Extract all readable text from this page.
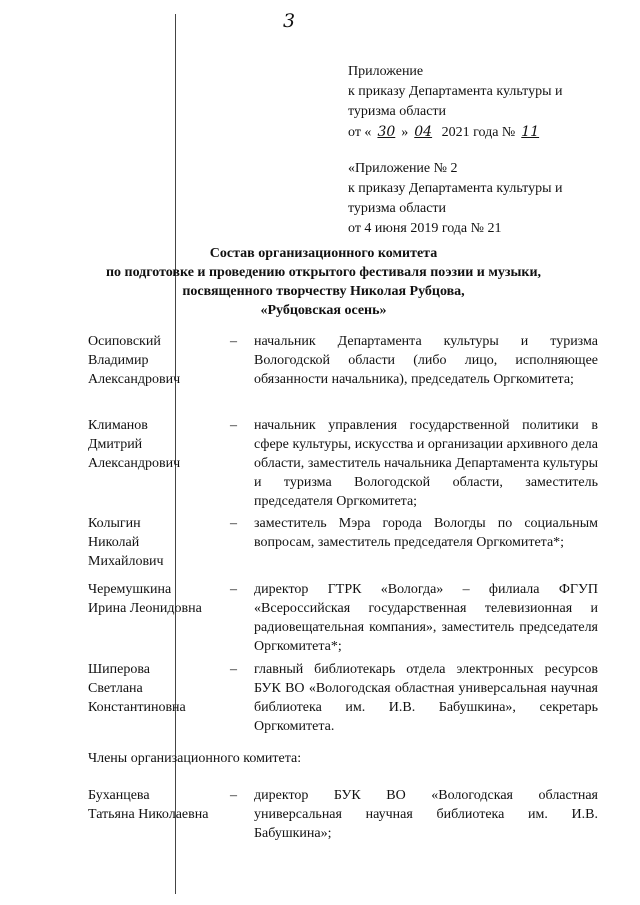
3
Приложение
к приказу Департамента культуры и
туризма области
от « 30 » 04 2021 года № 11
«Приложение № 2
к приказу Департамента культуры и
туризма области
от 4 июня 2019 года № 21
Состав организационного комитета
по подготовке и проведению открытого фестиваля поэзии и музыки,
посвященного творчеству Николая Рубцова,
«Рубцовская осень»
Осиповский
Владимир
Александрович
– начальник Департамента культуры и туризма Вологодской области (либо лицо, исполняющее обязанности начальника), председатель Оргкомитета;
Климанов
Дмитрий
Александрович
– начальник управления государственной политики в сфере культуры, искусства и организации архивного дела области, заместитель начальника Департамента культуры и туризма Вологодской области, заместитель председателя Оргкомитета;
Колыгин
Николай
Михайлович
– заместитель Мэра города Вологды по социальным вопросам, заместитель председателя Оргкомитета*;
Черемушкина
Ирина Леонидовна
– директор ГТРК «Вологда» – филиала ФГУП «Всероссийская государственная телевизионная и радиовещательная компания», заместитель председателя Оргкомитета*;
Шиперова
Светлана
Константиновна
– главный библиотекарь отдела электронных ресурсов БУК ВО «Вологодская областная универсальная научная библиотека им. И.В. Бабушкина», секретарь Оргкомитета.
Члены организационного комитета:
Буханцева
Татьяна Николаевна
– директор БУК ВО «Вологодская областная универсальная научная библиотека им. И.В. Бабушкина»;
